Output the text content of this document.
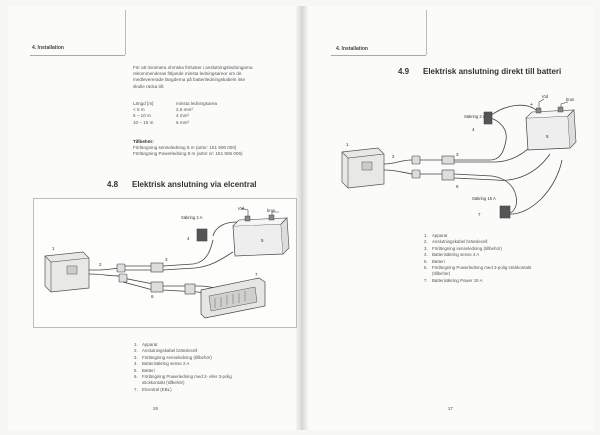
4. Installation
För att minimera ohmska förluster i anslutningsledningarna
rekommenderas följande minsta ledningsareor om de
medlevererade längderna på batteriledningskabeln inte
skulle räcka till:
Längd [m]	minsta ledningsarea
< 5 m	2,5 mm²
5 – 10 m	4 mm²
10 – 15 m	6 mm²
Tillbehör:
Förlängning senseledning 8 m (artnr: 151 906 000)
Förlängning Powerledning 8 m (artnr nr: 151 906 006)
4.8 Elektrisk anslutning via elcentral
1
Säkring 2 A
röd	brun
4	5
2
3
6
7
1. Apparat
2. Anslutningskabel bränslecell
3. Förlängning senseledning (tillbehör)
4. Batterisäkring sense 2 A
5. Batteri
6. Förlängning Powerledning med 2- eller 3-polig
stickkontakt (tillbehör)
7. Elcentral (EBL)
26
4. Installation
4.9 Elektrisk anslutning direkt till batteri
1
+
röd
brun
Säkring 2 A
4
5
2	3
6
Säkring 15 A
7
1. Apparat
2. Anslutningskabel bränslecell
3. Förlängning senseledning (tillbehör)
4. Batterisäkring sense 2 A
5. Batteri
6. Förlängning Powerledning med 3-polig stickkontakt
(tillbehör)
7. Batterisäkring Power 15 A
27
